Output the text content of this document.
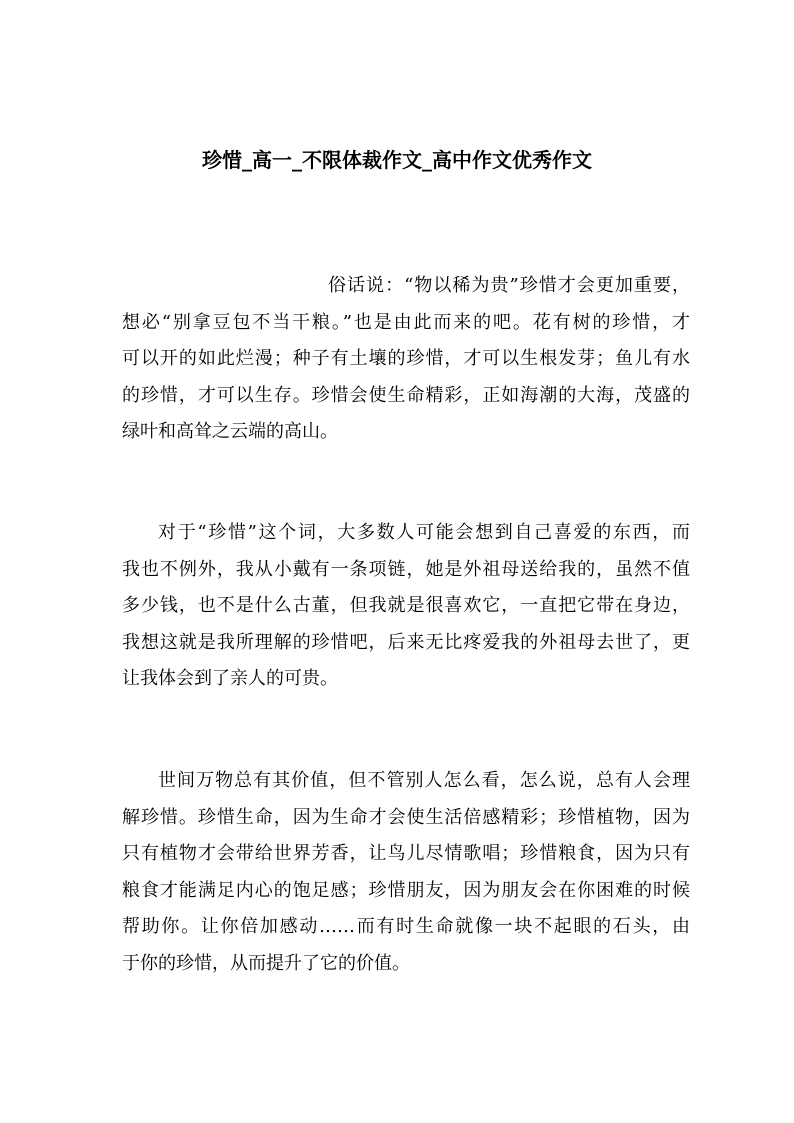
珍惜_高一_不限体裁作文_高中作文优秀作文

俗话说：“物以稀为贵”珍惜才会更加重要，
想必“别拿豆包不当干粮。”也是由此而来的吧。花有树的珍惜，才
可以开的如此烂漫；种子有土壤的珍惜，才可以生根发芽；鱼儿有水
的珍惜，才可以生存。珍惜会使生命精彩，正如海潮的大海，茂盛的
绿叶和高耸之云端的高山。

对于“珍惜”这个词，大多数人可能会想到自己喜爱的东西，而
我也不例外，我从小戴有一条项链，她是外祖母送给我的，虽然不值
多少钱，也不是什么古董，但我就是很喜欢它，一直把它带在身边，
我想这就是我所理解的珍惜吧，后来无比疼爱我的外祖母去世了，更
让我体会到了亲人的可贵。

世间万物总有其价值，但不管别人怎么看，怎么说，总有人会理
解珍惜。珍惜生命，因为生命才会使生活倍感精彩；珍惜植物，因为
只有植物才会带给世界芳香，让鸟儿尽情歌唱；珍惜粮食，因为只有
粮食才能满足内心的饱足感；珍惜朋友，因为朋友会在你困难的时候
帮助你。让你倍加感动……而有时生命就像一块不起眼的石头，由
于你的珍惜，从而提升了它的价值。
